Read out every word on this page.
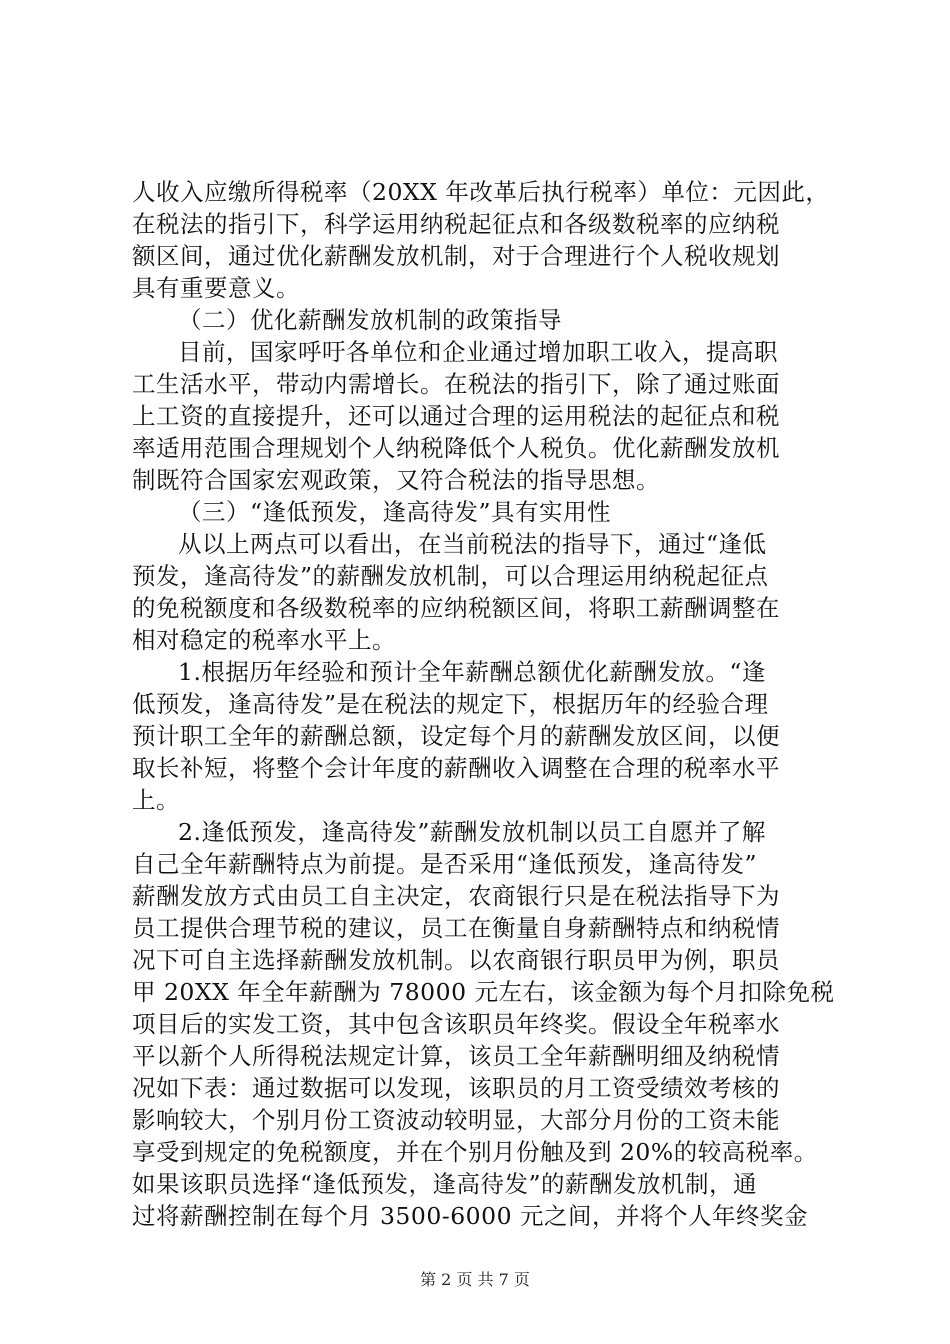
人收入应缴所得税率（20XX 年改革后执行税率）单位：元因此，
在税法的指引下，科学运用纳税起征点和各级数税率的应纳税
额区间，通过优化薪酬发放机制，对于合理进行个人税收规划
具有重要意义。
（二）优化薪酬发放机制的政策指导
目前，国家呼吁各单位和企业通过增加职工收入，提高职
工生活水平，带动内需增长。在税法的指引下，除了通过账面
上工资的直接提升，还可以通过合理的运用税法的起征点和税
率适用范围合理规划个人纳税降低个人税负。优化薪酬发放机
制既符合国家宏观政策，又符合税法的指导思想。
（三）“逢低预发，逢高待发”具有实用性
从以上两点可以看出，在当前税法的指导下，通过“逢低
预发，逢高待发”的薪酬发放机制，可以合理运用纳税起征点
的免税额度和各级数税率的应纳税额区间，将职工薪酬调整在
相对稳定的税率水平上。
1.根据历年经验和预计全年薪酬总额优化薪酬发放。“逢
低预发，逢高待发”是在税法的规定下，根据历年的经验合理
预计职工全年的薪酬总额，设定每个月的薪酬发放区间，以便
取长补短，将整个会计年度的薪酬收入调整在合理的税率水平
上。
2.逢低预发，逢高待发”薪酬发放机制以员工自愿并了解
自己全年薪酬特点为前提。是否采用“逢低预发，逢高待发”
薪酬发放方式由员工自主决定，农商银行只是在税法指导下为
员工提供合理节税的建议，员工在衡量自身薪酬特点和纳税情
况下可自主选择薪酬发放机制。以农商银行职员甲为例，职员
甲 20XX 年全年薪酬为 78000 元左右，该金额为每个月扣除免税
项目后的实发工资，其中包含该职员年终奖。假设全年税率水
平以新个人所得税法规定计算，该员工全年薪酬明细及纳税情
况如下表：通过数据可以发现，该职员的月工资受绩效考核的
影响较大，个别月份工资波动较明显，大部分月份的工资未能
享受到规定的免税额度，并在个别月份触及到 20%的较高税率。
如果该职员选择“逢低预发，逢高待发”的薪酬发放机制，通
过将薪酬控制在每个月 3500-6000 元之间，并将个人年终奖金
第 2 页 共 7 页
